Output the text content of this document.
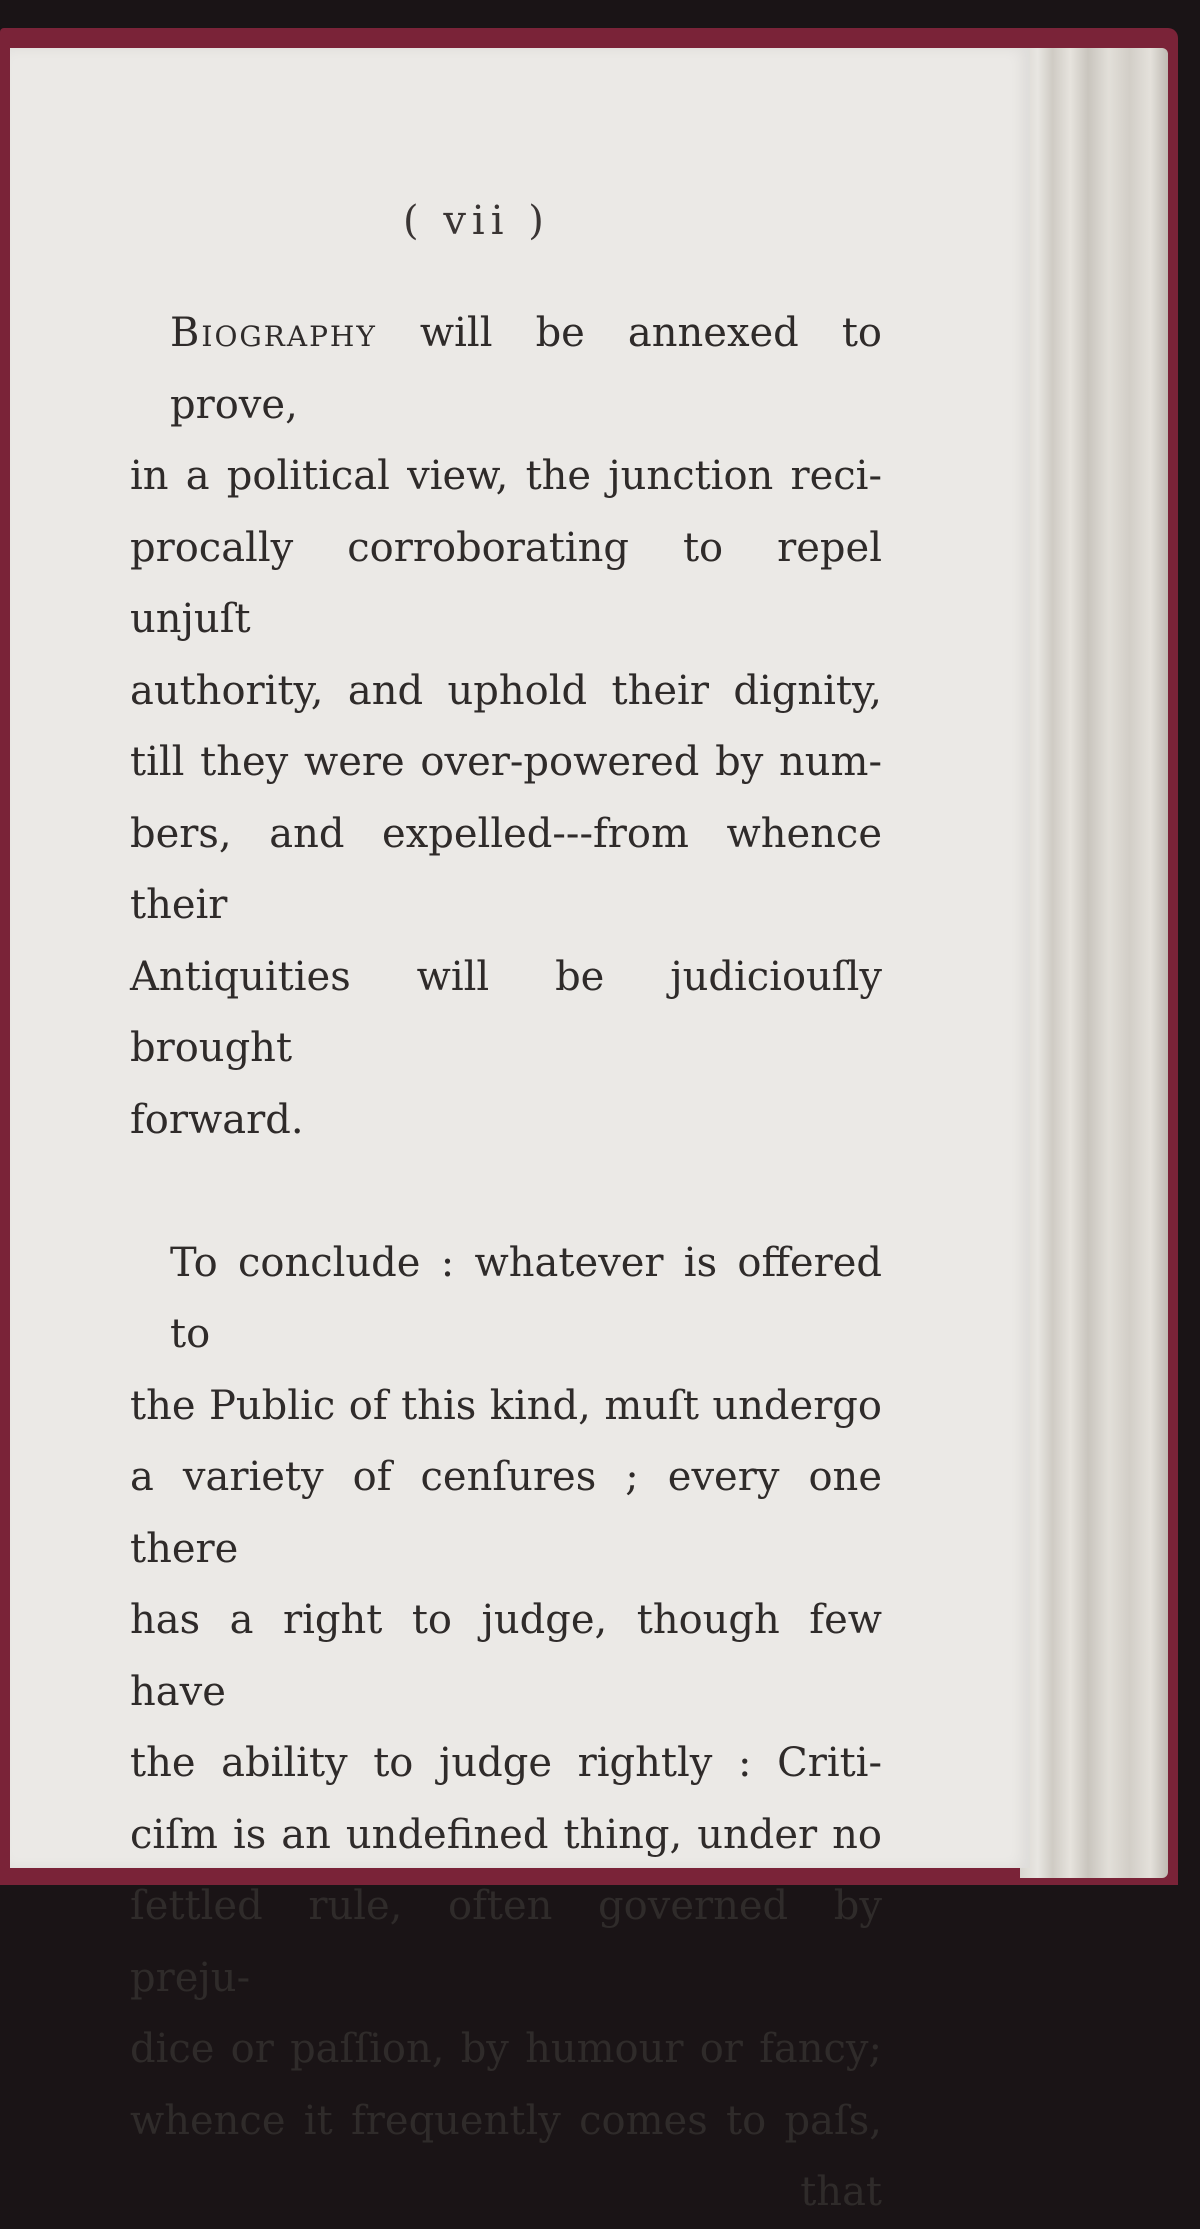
( vii )

Biography will be annexed to prove,

in a political view, the junction reci-

procally corroborating to repel unjuſt

authority, and uphold their dignity,

till they were over-powered by num-

bers, and expelled---from whence their

Antiquities will be judiciouſly brought

forward.

To conclude : whatever is offered to

the Public of this kind, muſt undergo

a variety of cenſures ; every one there

has a right to judge, though few have

the ability to judge rightly : Criti-

ciſm is an undefined thing, under no

ſettled rule, often governed by preju-

dice or paſſion, by humour or fancy;

whence it frequently comes to paſs,

that
